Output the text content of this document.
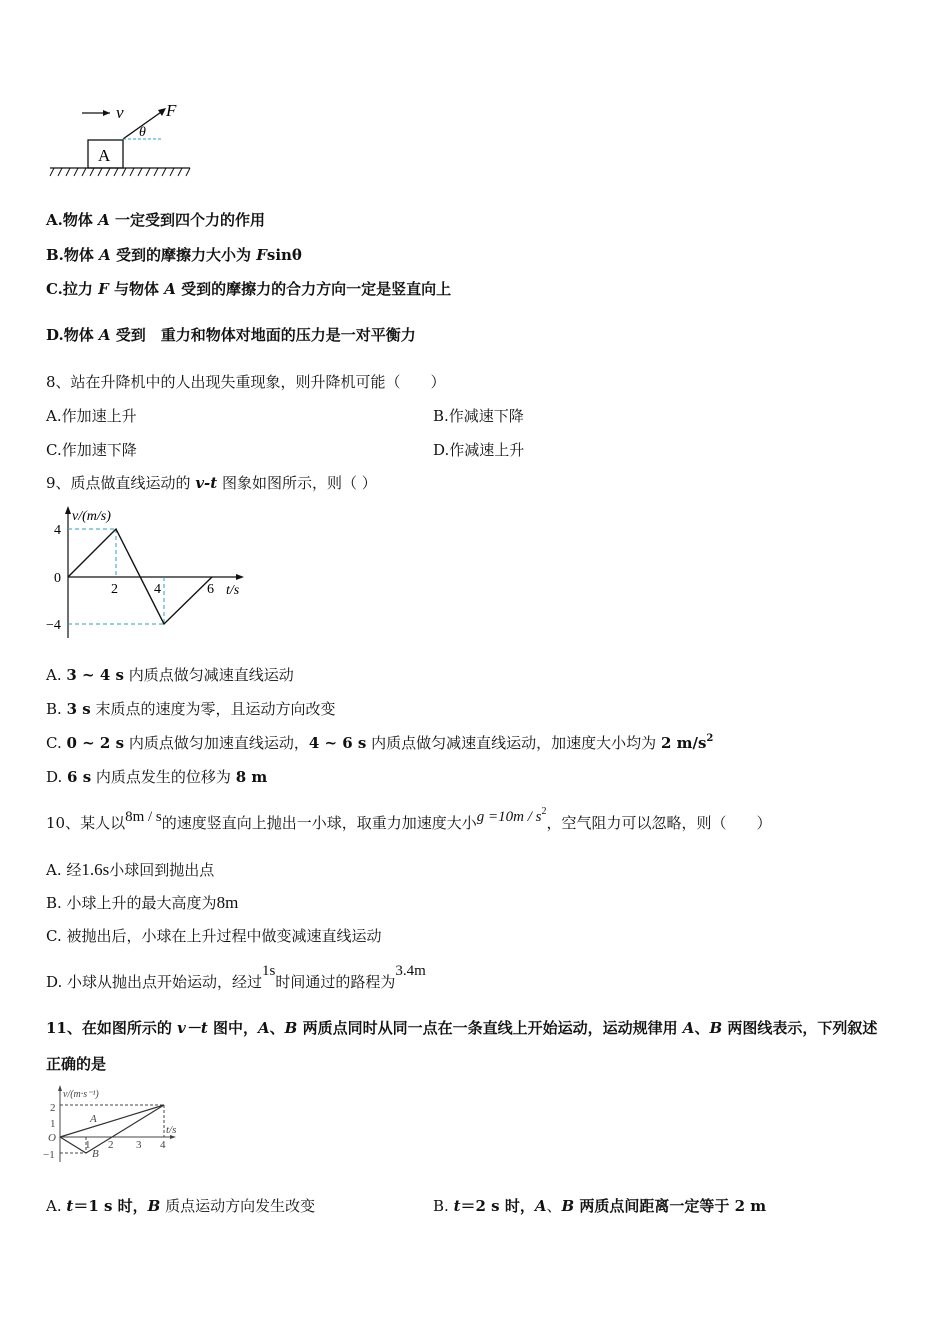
v F
θ
A
A.物体 A 一定受到四个力的作用
B.物体 A 受到的摩擦力大小为 Fsinθ
C.拉力 F 与物体 A 受到的摩擦力的合力方向一定是竖直向上
D.物体 A 受到　重力和物体对地面的压力是一对平衡力
8、站在升降机中的人出现失重现象，则升降机可能（　　）
A.作加速上升	B.作减速下降
C.作加速下降	D.作减速上升
9、质点做直线运动的 v-t 图象如图所示，则（ ）
v/(m/s)
t/s
4
0
−4
2	4	6
A. 3 ~ 4 s 内质点做匀减速直线运动
B. 3 s 末质点的速度为零，且运动方向改变
C. 0 ~ 2 s 内质点做匀加速直线运动，4 ~ 6 s 内质点做匀减速直线运动，加速度大小均为 2 $m/s^2$
D. 6 s 内质点发生的位移为 8 m
10、某人以8m / s的速度竖直向上抛出一小球，取重力加速度大小$g =10m / s^2$，空气阻力可以忽略，则（　　）
A. 经1.6s小球回到抛出点
B. 小球上升的最大高度为8m
C. 被抛出后，小球在上升过程中做变减速直线运动
D. 小球从抛出点开始运动，经过1s时间通过的路程为3.4m
11、在如图所示的 v－t 图中，A、B 两质点同时从同一点在一条直线上开始运动，运动规律用 A、B 两图线表示，下列叙述
正确的是
v/(m·s⁻¹)
t/s
2
1
O
−1
1 2 3 4
A
B
A. t＝1 s 时，B 质点运动方向发生改变	B. t＝2 s 时，A、B 两质点间距离一定等于 2 m
